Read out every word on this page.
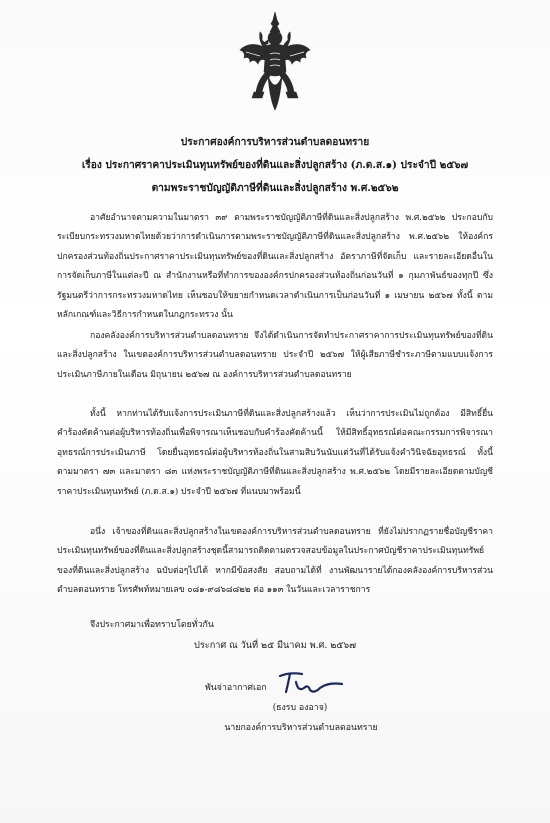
ประกาศองค์การบริหารส่วนตำบลดอนทราย
เรื่อง ประกาศราคาประเมินทุนทรัพย์ของที่ดินและสิ่งปลูกสร้าง (ภ.ด.ส.๑) ประจำปี ๒๕๖๗
ตามพระราชบัญญัติภาษีที่ดินและสิ่งปลูกสร้าง พ.ศ.๒๕๖๒
อาศัยอำนาจตามความในมาตรา ๓๙ ตามพระราชบัญญัติภาษีที่ดินและสิ่งปลูกสร้าง พ.ศ.๒๕๖๒ ประกอบกับระเบียบกระทรวงมหาดไทยด้วยว่าการดำเนินการตามพระราชบัญญัติภาษีที่ดินและสิ่งปลูกสร้าง พ.ศ.๒๕๖๒ ให้องค์กรปกครองส่วนท้องถิ่นประกาศราคาประเมินทุนทรัพย์ของที่ดินและสิ่งปลูกสร้าง อัตราภาษีที่จัดเก็บ และรายละเอียดอื่นในการจัดเก็บภาษีในแต่ละปี ณ สำนักงานหรือที่ทำการขององค์กรปกครองส่วนท้องถิ่นก่อนวันที่ ๑ กุมภาพันธ์ของทุกปี ซึ่งรัฐมนตรีว่าการกระทรวงมหาดไทย เห็นชอบให้ขยายกำหนดเวลาดำเนินการเป็นก่อนวันที่ ๑ เมษายน ๒๕๖๗ ทั้งนี้ ตามหลักเกณฑ์และวิธีการกำหนดในกฎกระทรวง นั้น
กองคลังองค์การบริหารส่วนตำบลดอนทราย จึงได้ดำเนินการจัดทำประกาศราคาการประเมินทุนทรัพย์ของที่ดินและสิ่งปลูกสร้าง ในเขตองค์การบริหารส่วนตำบลดอนทราย ประจำปี ๒๕๖๗ ให้ผู้เสียภาษีชำระภาษีตามแบบแจ้งการประเมินภาษีภายในเดือน มิถุนายน ๒๕๖๗ ณ องค์การบริหารส่วนตำบลดอนทราย
ทั้งนี้ หากท่านได้รับแจ้งการประเมินภาษีที่ดินและสิ่งปลูกสร้างแล้ว เห็นว่าการประเมินไม่ถูกต้อง มีสิทธิ์ยื่นคำร้องคัดค้านต่อผู้บริหารท้องถิ่นเพื่อพิจารณาเห็นชอบกับคำร้องคัดค้านนี้ ให้มีสิทธิ์อุทธรณ์ต่อคณะกรรมการพิจารณาอุทธรณ์การประเมินภาษี โดยยื่นอุทธรณ์ต่อผู้บริหารท้องถิ่นในสามสิบวันนับแต่วันที่ได้รับแจ้งคำวินิจฉัยอุทธรณ์ ทั้งนี้ ตามมาตรา ๗๓ และมาตรา ๘๓ แห่งพระราชบัญญัติภาษีที่ดินและสิ่งปลูกสร้าง พ.ศ.๒๕๖๒ โดยมีรายละเอียดตามบัญชีราคาประเมินทุนทรัพย์ (ภ.ด.ส.๑) ประจำปี ๒๕๖๗ ที่แนบมาพร้อมนี้
อนึ่ง เจ้าของที่ดินและสิ่งปลูกสร้างในเขตองค์การบริหารส่วนตำบลดอนทราย ที่ยังไม่ปรากฏรายชื่อบัญชีราคาประเมินทุนทรัพย์ของที่ดินและสิ่งปลูกสร้างชุดนี้สามารถติดตามตรวจสอบข้อมูลในประกาศบัญชีราคาประเมินทุนทรัพย์ของที่ดินและสิ่งปลูกสร้าง ฉบับต่อๆไปได้ หากมีข้อสงสัย สอบถามได้ที่ งานพัฒนารายได้กองคลังองค์การบริหารส่วนตำบลดอนทราย โทรศัพท์หมายเลข ๐๘๑-๙๘๖๘๘๒๒ ต่อ ๑๑๓ ในวันและเวลาราชการ
จึงประกาศมาเพื่อทราบโดยทั่วกัน
ประกาศ ณ วันที่ ๒๕ มีนาคม พ.ศ. ๒๕๖๗
พันจ่าอากาศเอก
(ธงรบ องอาจ)
นายกองค์การบริหารส่วนตำบลดอนทราย
